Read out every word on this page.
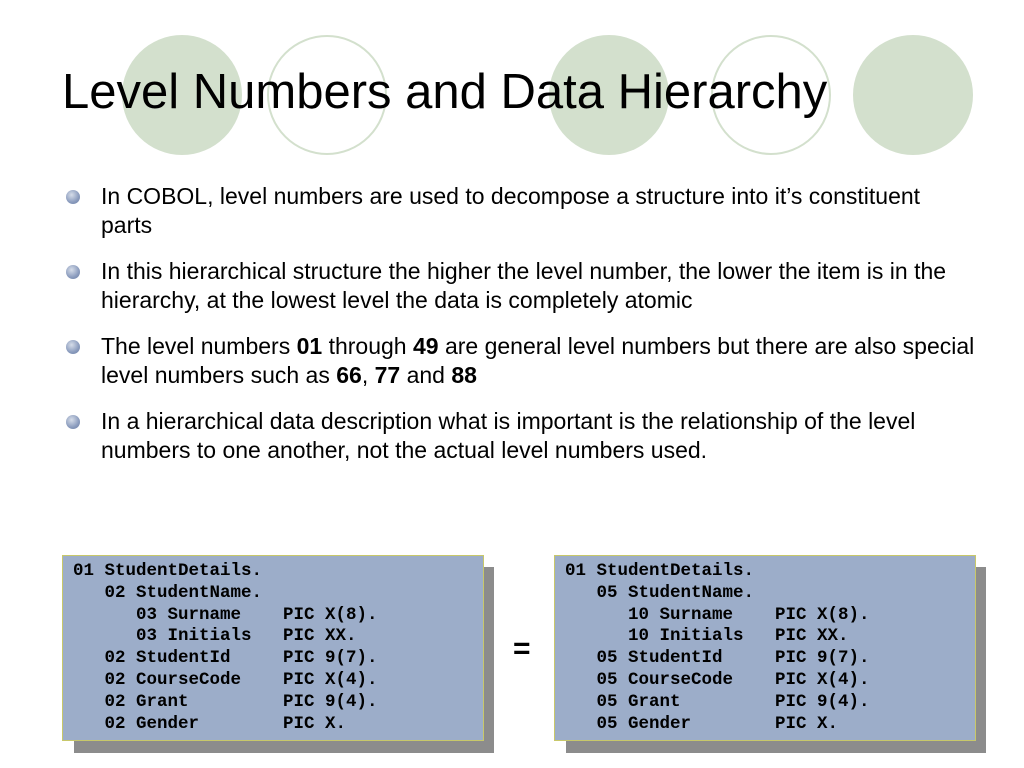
Level Numbers and Data Hierarchy
In COBOL, level numbers are used to decompose a structure into it’s constituent parts
In this hierarchical structure the higher the level number, the lower the item is in the hierarchy, at the lowest level the data is completely atomic
The level numbers 01 through 49 are general level numbers but there are also special level numbers such as 66, 77 and 88
In a hierarchical data description what is important is the relationship of the level numbers to one another, not the actual level numbers used.
01 StudentDetails.
02 StudentName.
03 Surname    PIC X(8).
03 Initials   PIC XX.
02 StudentId     PIC 9(7).
02 CourseCode    PIC X(4).
02 Grant         PIC 9(4).
02 Gender        PIC X.
=
01 StudentDetails.
05 StudentName.
10 Surname    PIC X(8).
10 Initials   PIC XX.
05 StudentId     PIC 9(7).
05 CourseCode    PIC X(4).
05 Grant         PIC 9(4).
05 Gender        PIC X.
